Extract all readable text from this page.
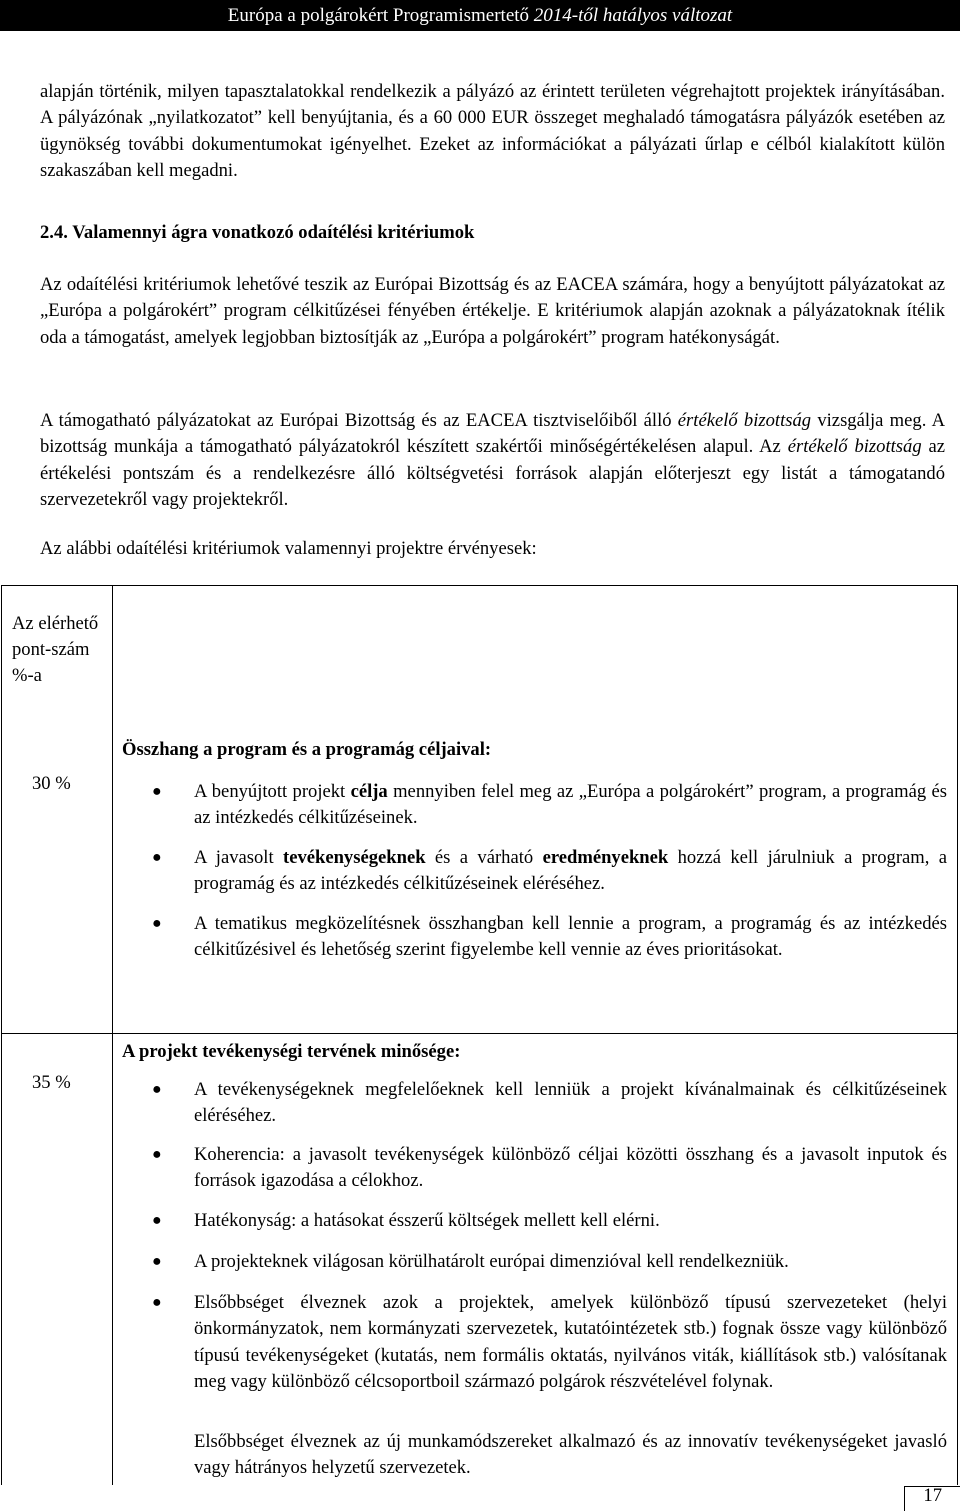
Európa a polgárokért Programismertető 2014-től hatályos változat

alapján történik, milyen tapasztalatokkal rendelkezik a pályázó az érintett területen végrehajtott projektek irányításában. A pályázónak „nyilatkozatot” kell benyújtania, és a 60 000 EUR összeget meghaladó támogatásra pályázók esetében az ügynökség további dokumentumokat igényelhet. Ezeket az információkat a pályázati űrlap e célból kialakított külön szakaszában kell megadni.

2.4. Valamennyi ágra vonatkozó odaítélési kritériumok

Az odaítélési kritériumok lehetővé teszik az Európai Bizottság és az EACEA számára, hogy a benyújtott pályázatokat az „Európa a polgárokért” program célkitűzései fényében értékelje. E kritériumok alapján azoknak a pályázatoknak ítélik oda a támogatást, amelyek legjobban biztosítják az „Európa a polgárokért” program hatékonyságát.

A támogatható pályázatokat az Európai Bizottság és az EACEA tisztviselőiből álló értékelő bizottság vizsgálja meg. A bizottság munkája a támogatható pályázatokról készített szakértői minőségértékelésen alapul. Az értékelő bizottság az értékelési pontszám és a rendelkezésre álló költségvetési források alapján előterjeszt egy listát a támogatandó szervezetekről vagy projektekről.

Az alábbi odaítélési kritériumok valamennyi projektre érvényesek:

Az elérhető pont-szám %-a
30 %
Összhang a program és a programág céljaival:
● A benyújtott projekt célja mennyiben felel meg az „Európa a polgárokért” program, a programág és az intézkedés célkitűzéseinek.

● A javasolt tevékenységeknek és a várható eredményeknek hozzá kell járulniuk a program, a programág és az intézkedés célkitűzéseinek eléréséhez.

● A tematikus megközelítésnek összhangban kell lennie a program, a programág és az intézkedés célkitűzésivel és lehetőség szerint figyelembe kell vennie az éves prioritásokat.

35 %
A projekt tevékenységi tervének minősége:
● A tevékenységeknek megfelelőeknek kell lenniük a projekt kívánalmainak és célkitűzéseinek eléréséhez.

● Koherencia: a javasolt tevékenységek különböző céljai közötti összhang és a javasolt inputok és források igazodása a célokhoz.

● Hatékonyság: a hatásokat ésszerű költségek mellett kell elérni.

● A projekteknek világosan körülhatárolt európai dimenzióval kell rendelkezniük.

● Elsőbbséget élveznek azok a projektek, amelyek különböző típusú szervezeteket (helyi önkormányzatok, nem kormányzati szervezetek, kutatóintézetek stb.) fognak össze vagy különböző típusú tevékenységeket (kutatás, nem formális oktatás, nyilvános viták, kiállítások stb.) valósítanak meg vagy különböző célcsoportboil származó polgárok részvételével folynak.

Elsőbbséget élveznek az új munkamódszereket alkalmazó és az innovatív tevékenységeket javasló vagy hátrányos helyzetű szervezetek.

17
